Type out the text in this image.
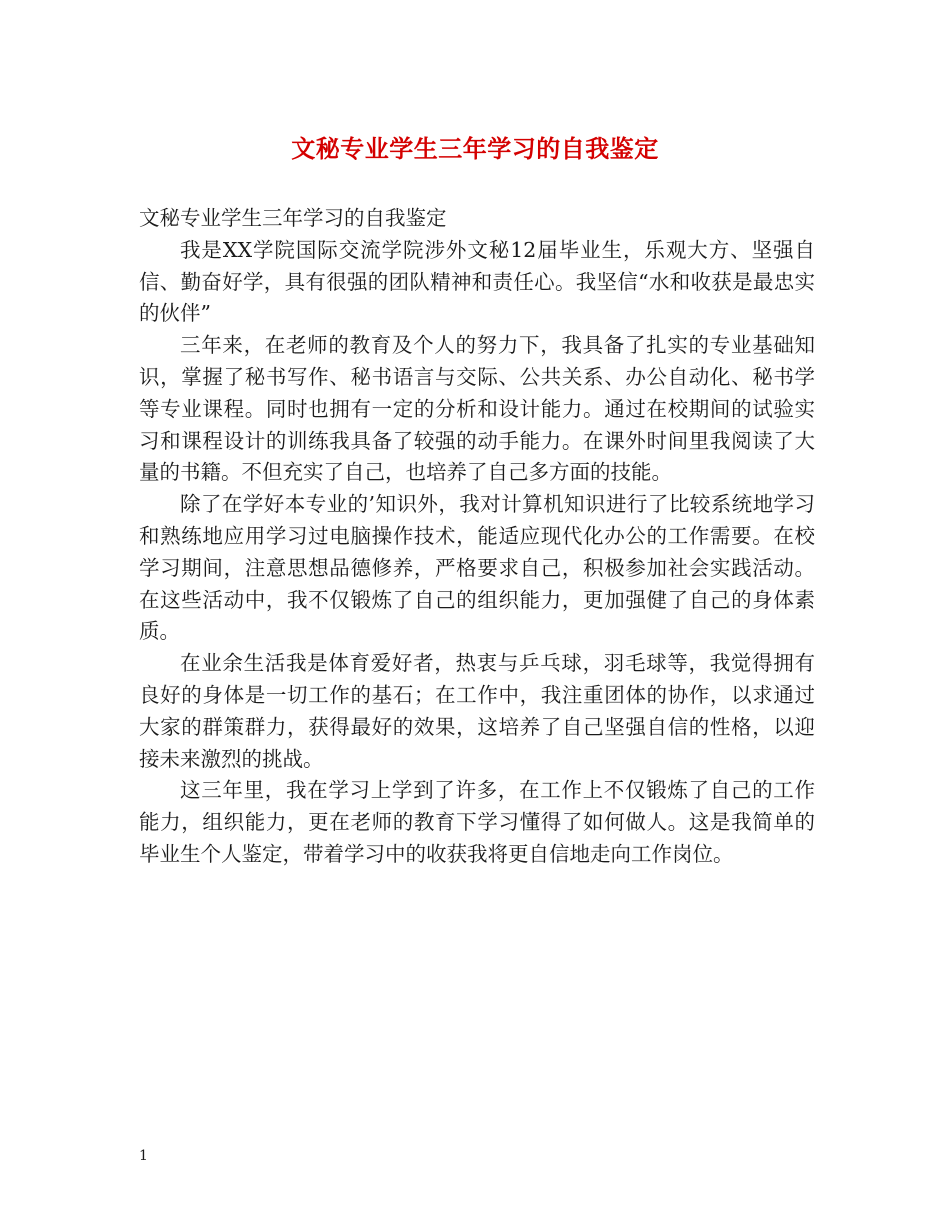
文秘专业学生三年学习的自我鉴定

文秘专业学生三年学习的自我鉴定

我是XX学院国际交流学院涉外文秘12届毕业生，乐观大方、坚强自信、勤奋好学，具有很强的团队精神和责任心。我坚信“水和收获是最忠实的伙伴”

三年来，在老师的教育及个人的努力下，我具备了扎实的专业基础知识，掌握了秘书写作、秘书语言与交际、公共关系、办公自动化、秘书学等专业课程。同时也拥有一定的分析和设计能力。通过在校期间的试验实习和课程设计的训练我具备了较强的动手能力。在课外时间里我阅读了大量的书籍。不但充实了自己，也培养了自己多方面的技能。

除了在学好本专业的’知识外，我对计算机知识进行了比较系统地学习和熟练地应用学习过电脑操作技术，能适应现代化办公的工作需要。在校学习期间，注意思想品德修养，严格要求自己，积极参加社会实践活动。在这些活动中，我不仅锻炼了自己的组织能力，更加强健了自己的身体素质。

在业余生活我是体育爱好者，热衷与乒乓球，羽毛球等，我觉得拥有良好的身体是一切工作的基石；在工作中，我注重团体的协作，以求通过大家的群策群力，获得最好的效果，这培养了自己坚强自信的性格，以迎接未来激烈的挑战。

这三年里，我在学习上学到了许多，在工作上不仅锻炼了自己的工作能力，组织能力，更在老师的教育下学习懂得了如何做人。这是我简单的毕业生个人鉴定，带着学习中的收获我将更自信地走向工作岗位。

1
